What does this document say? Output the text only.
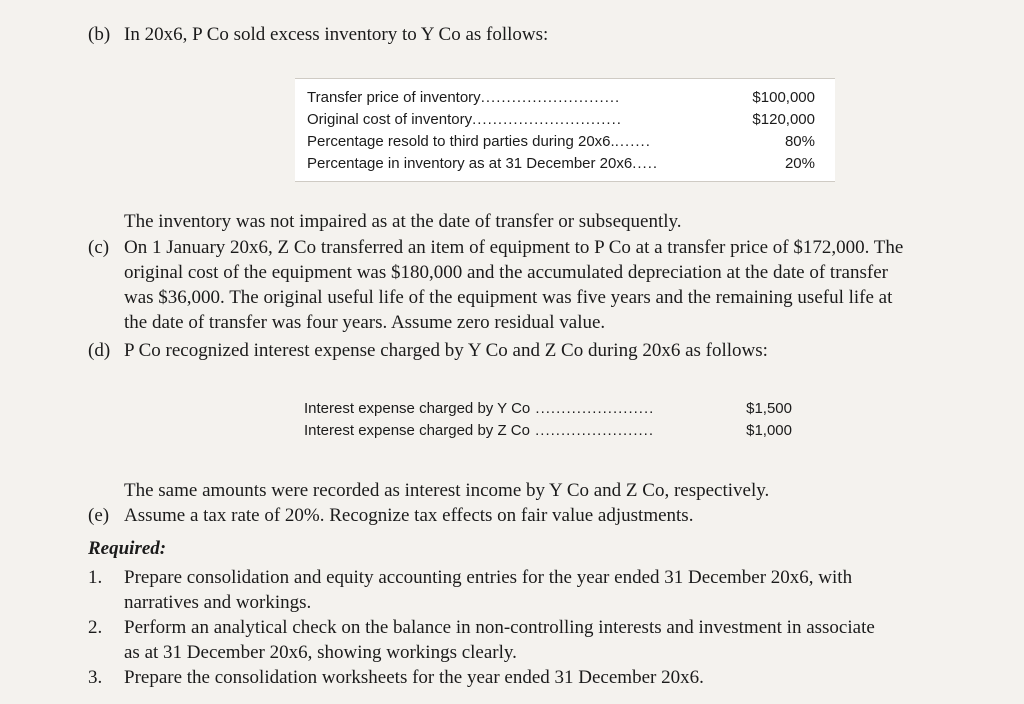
(b) In 20x6, P Co sold excess inventory to Y Co as follows:
Transfer price of inventory...........................	$100,000
Original cost of inventory.............................	$120,000
Percentage resold to third parties during 20x6........	80%
Percentage in inventory as at 31 December 20x6.....	20%
The inventory was not impaired as at the date of transfer or subsequently.
(c) On 1 January 20x6, Z Co transferred an item of equipment to P Co at a transfer price of $172,000. The
original cost of the equipment was $180,000 and the accumulated depreciation at the date of transfer
was $36,000. The original useful life of the equipment was five years and the remaining useful life at
the date of transfer was four years. Assume zero residual value.
(d) P Co recognized interest expense charged by Y Co and Z Co during 20x6 as follows:
Interest expense charged by Y Co .......................	$1,500
Interest expense charged by Z Co .......................	$1,000
The same amounts were recorded as interest income by Y Co and Z Co, respectively.
(e) Assume a tax rate of 20%. Recognize tax effects on fair value adjustments.
Required:
1. Prepare consolidation and equity accounting entries for the year ended 31 December 20x6, with
narratives and workings.
2. Perform an analytical check on the balance in non-controlling interests and investment in associate
as at 31 December 20x6, showing workings clearly.
3. Prepare the consolidation worksheets for the year ended 31 December 20x6.
